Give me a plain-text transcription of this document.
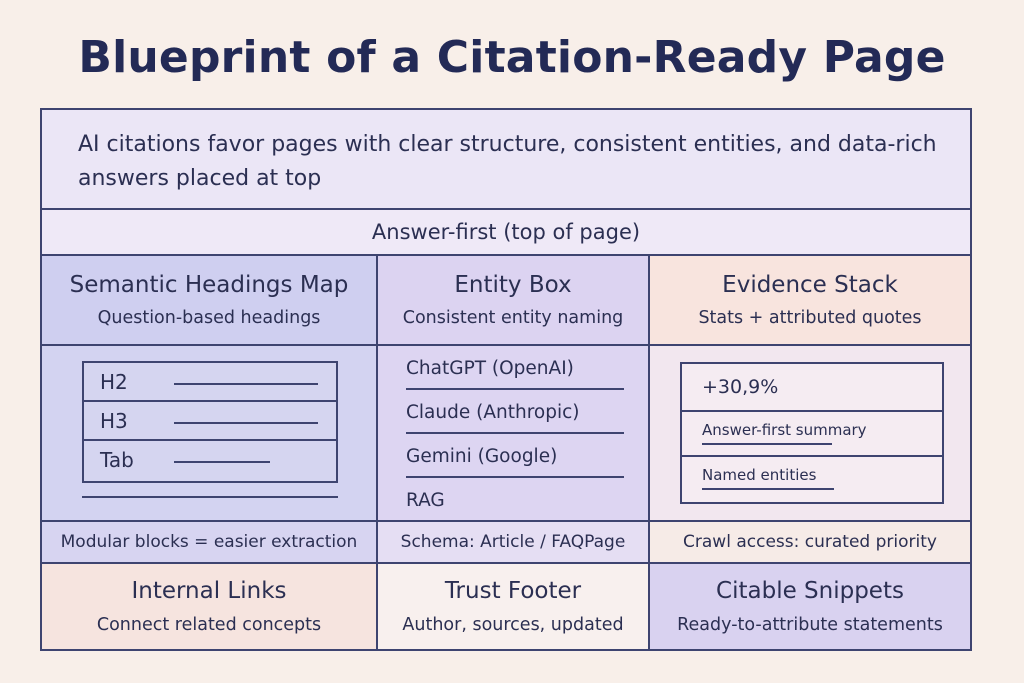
Blueprint of a Citation-Ready Page
AI citations favor pages with clear structure, consistent entities, and data-rich answers placed at top
Answer-first (top of page)
Semantic Headings Map
Question-based headings
Entity Box
Consistent entity naming
Evidence Stack
Stats + attributed quotes
H2
H3
Tab
ChatGPT (OpenAI)
Claude (Anthropic)
Gemini (Google)
RAG
+30,9%
Answer-first summary
Named entities
Modular blocks = easier extraction	Schema: Article / FAQPage	Crawl access: curated priority
Internal Links
Connect related concepts
Trust Footer
Author, sources, updated
Citable Snippets
Ready-to-attribute statements
